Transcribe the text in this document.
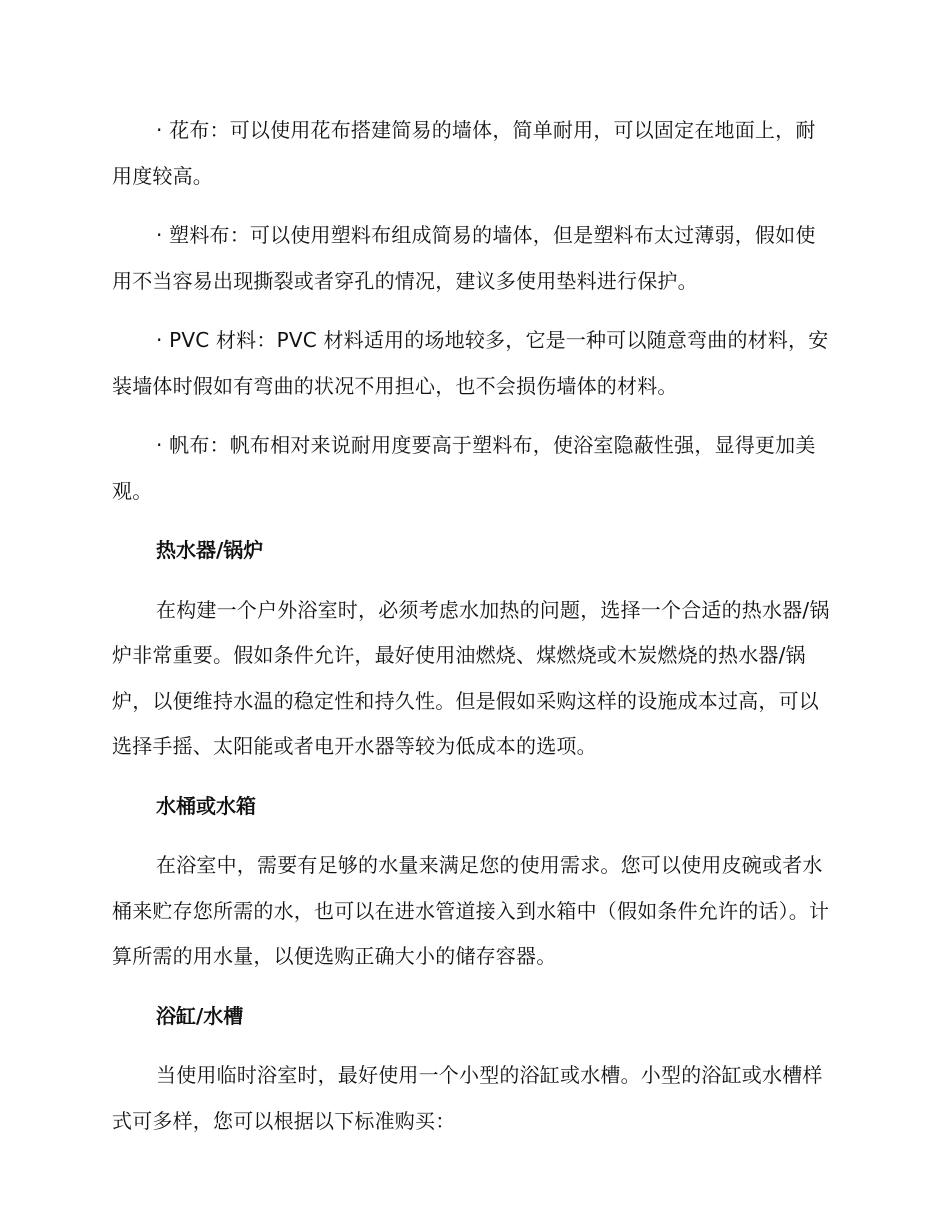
· 花布：可以使用花布搭建简易的墙体，简单耐用，可以固定在地面上，耐用度较高。

· 塑料布：可以使用塑料布组成简易的墙体，但是塑料布太过薄弱，假如使用不当容易出现撕裂或者穿孔的情况，建议多使用垫料进行保护。

· PVC 材料：PVC 材料适用的场地较多，它是一种可以随意弯曲的材料，安装墙体时假如有弯曲的状况不用担心，也不会损伤墙体的材料。

· 帆布：帆布相对来说耐用度要高于塑料布，使浴室隐蔽性强，显得更加美观。

热水器/锅炉

在构建一个户外浴室时，必须考虑水加热的问题，选择一个合适的热水器/锅炉非常重要。假如条件允许，最好使用油燃烧、煤燃烧或木炭燃烧的热水器/锅炉，以便维持水温的稳定性和持久性。但是假如采购这样的设施成本过高，可以选择手摇、太阳能或者电开水器等较为低成本的选项。

水桶或水箱

在浴室中，需要有足够的水量来满足您的使用需求。您可以使用皮碗或者水桶来贮存您所需的水，也可以在进水管道接入到水箱中（假如条件允许的话）。计算所需的用水量，以便选购正确大小的储存容器。

浴缸/水槽

当使用临时浴室时，最好使用一个小型的浴缸或水槽。小型的浴缸或水槽样式可多样，您可以根据以下标准购买：
